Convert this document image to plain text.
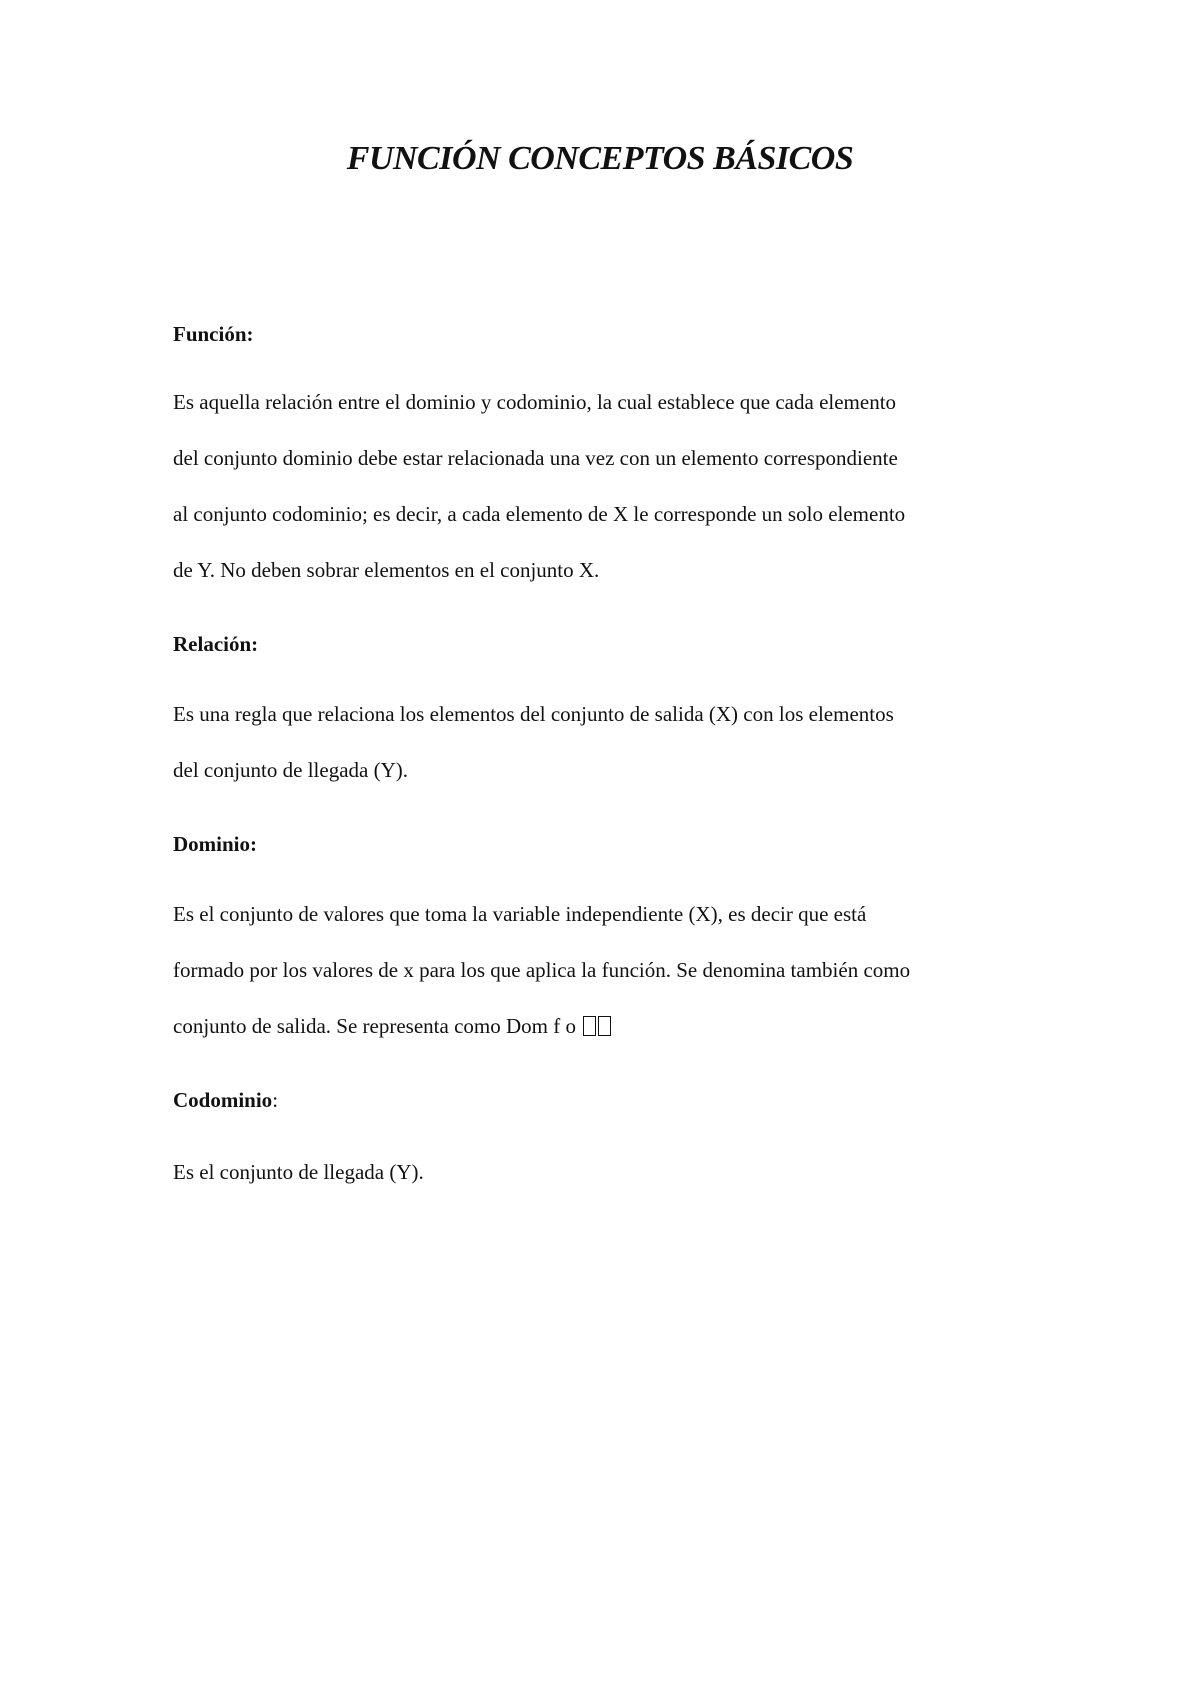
FUNCIÓN CONCEPTOS BÁSICOS

Función:

Es aquella relación entre el dominio y codominio, la cual establece que cada elemento

del conjunto dominio debe estar relacionada una vez con un elemento correspondiente

al conjunto codominio; es decir, a cada elemento de X le corresponde un solo elemento

de Y. No deben sobrar elementos en el conjunto X.

Relación:

Es una regla que relaciona los elementos del conjunto de salida (X) con los elementos

del conjunto de llegada (Y).

Dominio:

Es el conjunto de valores que toma la variable independiente (X), es decir que está

formado por los valores de x para los que aplica la función. Se denomina también como

conjunto de salida. Se representa como Dom f o

Codominio:

Es el conjunto de llegada (Y).
